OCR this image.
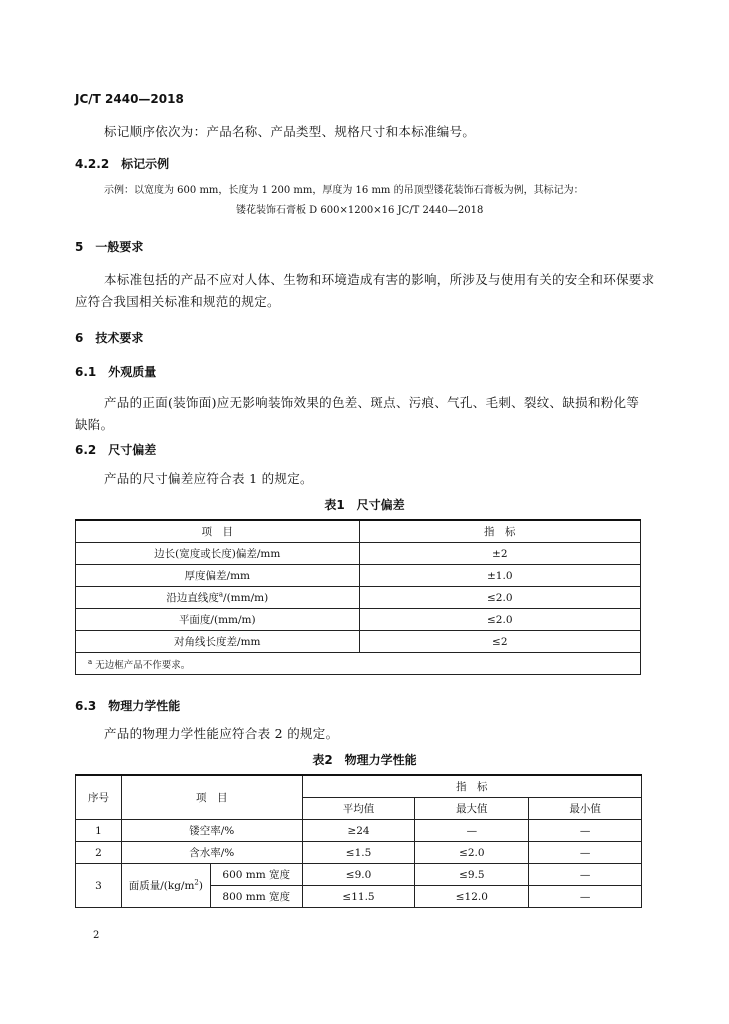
JC/T 2440—2018
标记顺序依次为：产品名称、产品类型、规格尺寸和本标准编号。
4.2.2　标记示例
示例：以宽度为 600 mm，长度为 1 200 mm，厚度为 16 mm 的吊顶型镂花装饰石膏板为例，其标记为：
镂花装饰石膏板 D 600×1200×16 JC/T 2440—2018
5　一般要求
本标准包括的产品不应对人体、生物和环境造成有害的影响，所涉及与使用有关的安全和环保要求
应符合我国相关标准和规范的规定。
6　技术要求
6.1　外观质量
产品的正面(装饰面)应无影响装饰效果的色差、斑点、污痕、气孔、毛刺、裂纹、缺损和粉化等
缺陷。
6.2　尺寸偏差
产品的尺寸偏差应符合表 1 的规定。
表1　尺寸偏差
项　目	指　标
边长(宽度或长度)偏差/mm	±2
厚度偏差/mm	±1.0
沿边直线度$^a$/(mm/m)	≤2.0
平面度/(mm/m)	≤2.0
对角线长度差/mm	≤2
$^a$ 无边框产品不作要求。	
6.3　物理力学性能
产品的物理力学性能应符合表 2 的规定。
表2　物理力学性能
序号	项　目		指　标		
			平均值	最大值	最小值
1	镂空率/%		≥24	—	—
2	含水率/%		≤1.5	≤2.0	—
3	面质量$/(kg/m^2)$	600 mm 宽度	≤9.0	≤9.5	—
		800 mm 宽度	≤11.5	≤12.0	—
2
